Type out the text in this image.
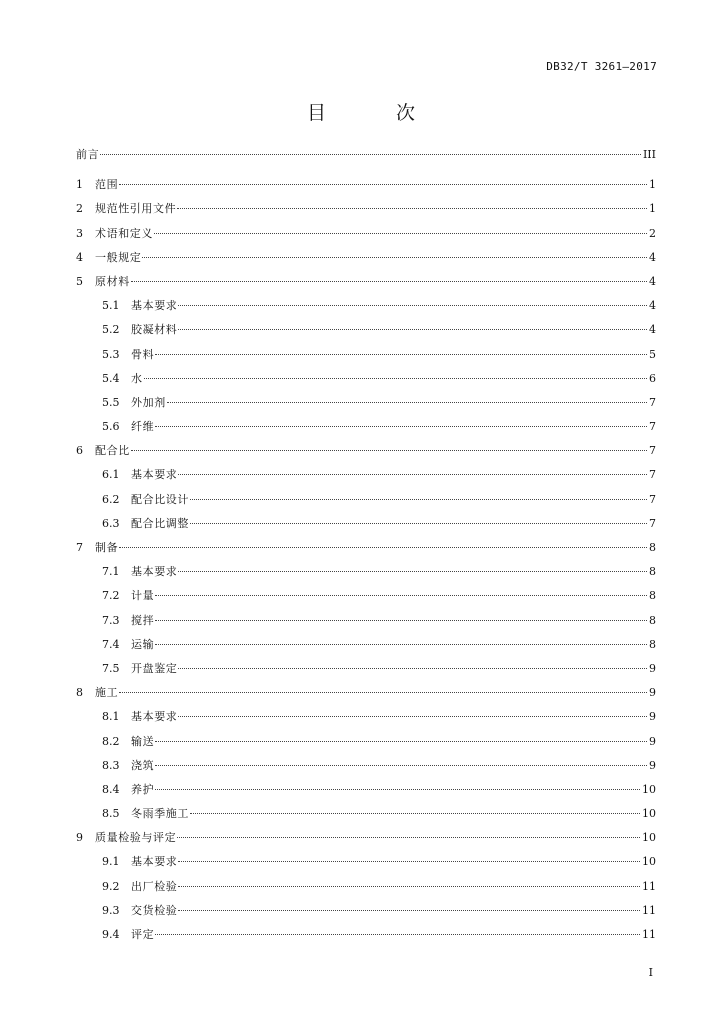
DB32/T 3261—2017
目 次
前言	III
1	范围	1
2	规范性引用文件	1
3	术语和定义	2
4	一般规定	4
5	原材料	4
5.1	基本要求	4
5.2	胶凝材料	4
5.3	骨料	5
5.4	水	6
5.5	外加剂	7
5.6	纤维	7
6	配合比	7
6.1	基本要求	7
6.2	配合比设计	7
6.3	配合比调整	7
7	制备	8
7.1	基本要求	8
7.2	计量	8
7.3	搅拌	8
7.4	运输	8
7.5	开盘鉴定	9
8	施工	9
8.1	基本要求	9
8.2	输送	9
8.3	浇筑	9
8.4	养护	10
8.5	冬雨季施工	10
9	质量检验与评定	10
9.1	基本要求	10
9.2	出厂检验	11
9.3	交货检验	11
9.4	评定	11
I
